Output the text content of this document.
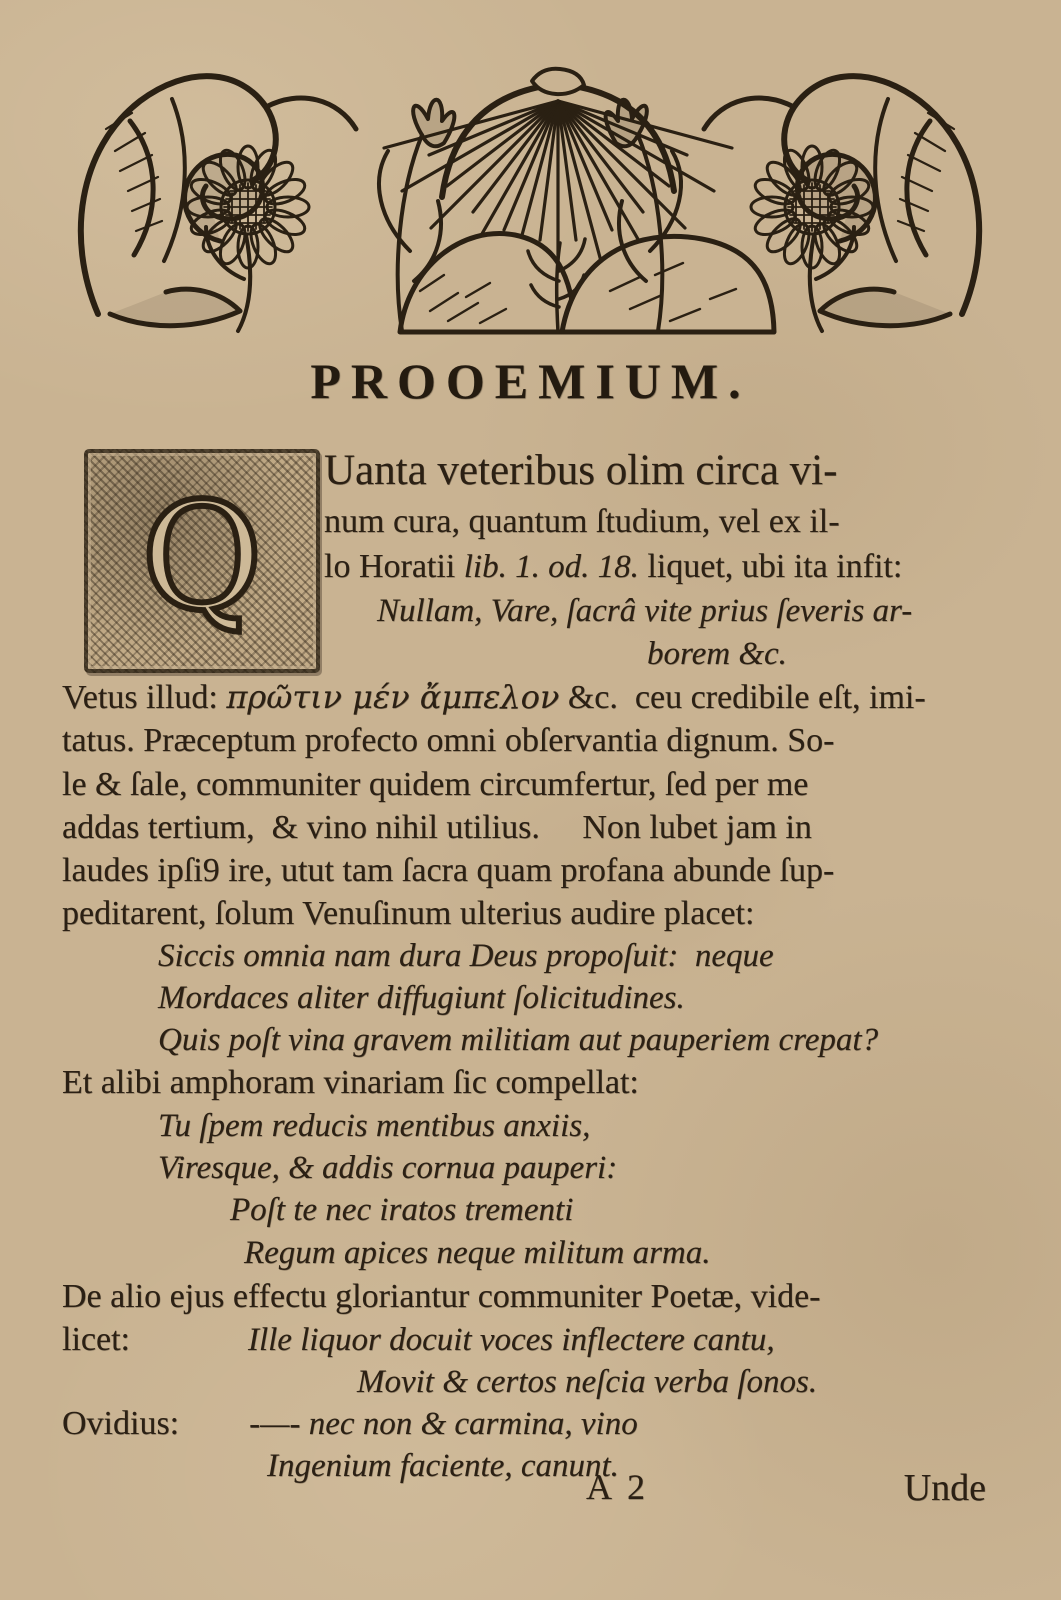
PROOEMIUM.
Q
Uanta veteribus olim circa vi-
num cura, quantum ſtudium, vel ex il-
lo Horatii lib. 1. od. 18. liquet, ubi ita infit:
Nullam, Vare, ſacrâ vite prius ſeveris ar-
borem &c.
Vetus illud: πρῶτιν μέν ἄμπελον &c.  ceu credibile eſt, imi-
tatus. Præceptum profecto omni obſervantia dignum. So-
le & ſale, communiter quidem circumfertur, ſed per me
addas tertium,  & vino nihil utilius.     Non lubet jam in
laudes ipſi9 ire, utut tam ſacra quam profana abunde ſup-
peditarent, ſolum Venuſinum ulterius audire placet:
Siccis omnia nam dura Deus propoſuit:  neque
Mordaces aliter diffugiunt ſolicitudines.
Quis poſt vina gravem militiam aut pauperiem crepat?
Et alibi amphoram vinariam ſic compellat:
Tu ſpem reducis mentibus anxiis,
Viresque, & addis cornua pauperi:
Poſt te nec iratos trementi
Regum apices neque militum arma.
De alio ejus effectu gloriantur communiter Poetæ, vide-
licet:	Ille liquor docuit voces inflectere cantu,
Movit & certos neſcia verba ſonos.
Ovidius: -—- nec non & carmina, vino
Ingenium faciente, canunt.
A 2	Unde
